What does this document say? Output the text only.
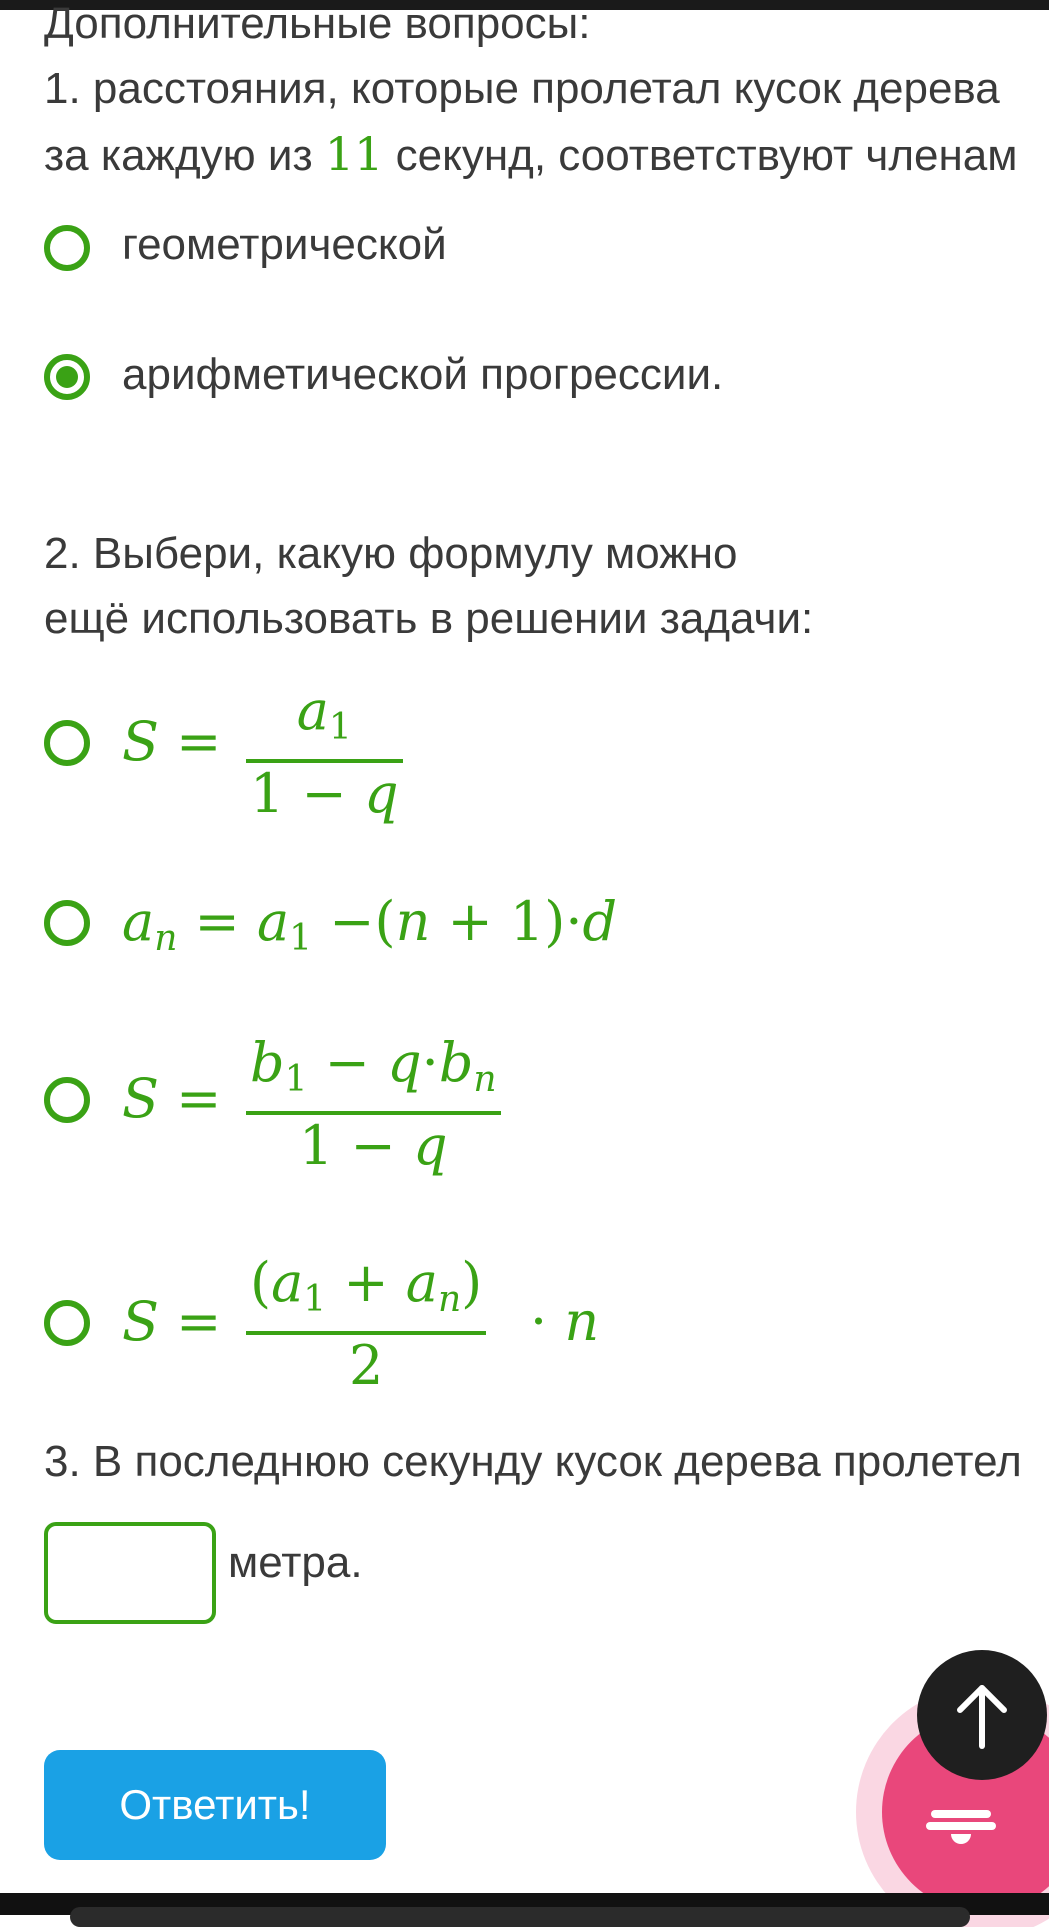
Дополнительные вопросы:
1. расстояния, которые пролетал кусок дерева
за каждую из 11 секунд, соответствуют членам
геометрической
арифметической прогрессии.
2. Выбери, какую формулу можно
ещё использовать в решении задачи:
$S = a_1$
1 − q
$a_n = a_1 -(n + 1)\cdot d$
S =
$b_1 - q\cdot b_n$
1 − q
S =
$(a_1 + a_n)$
2
· n
3. В последнюю секунду кусок дерева пролетел
метра.
Ответить!
